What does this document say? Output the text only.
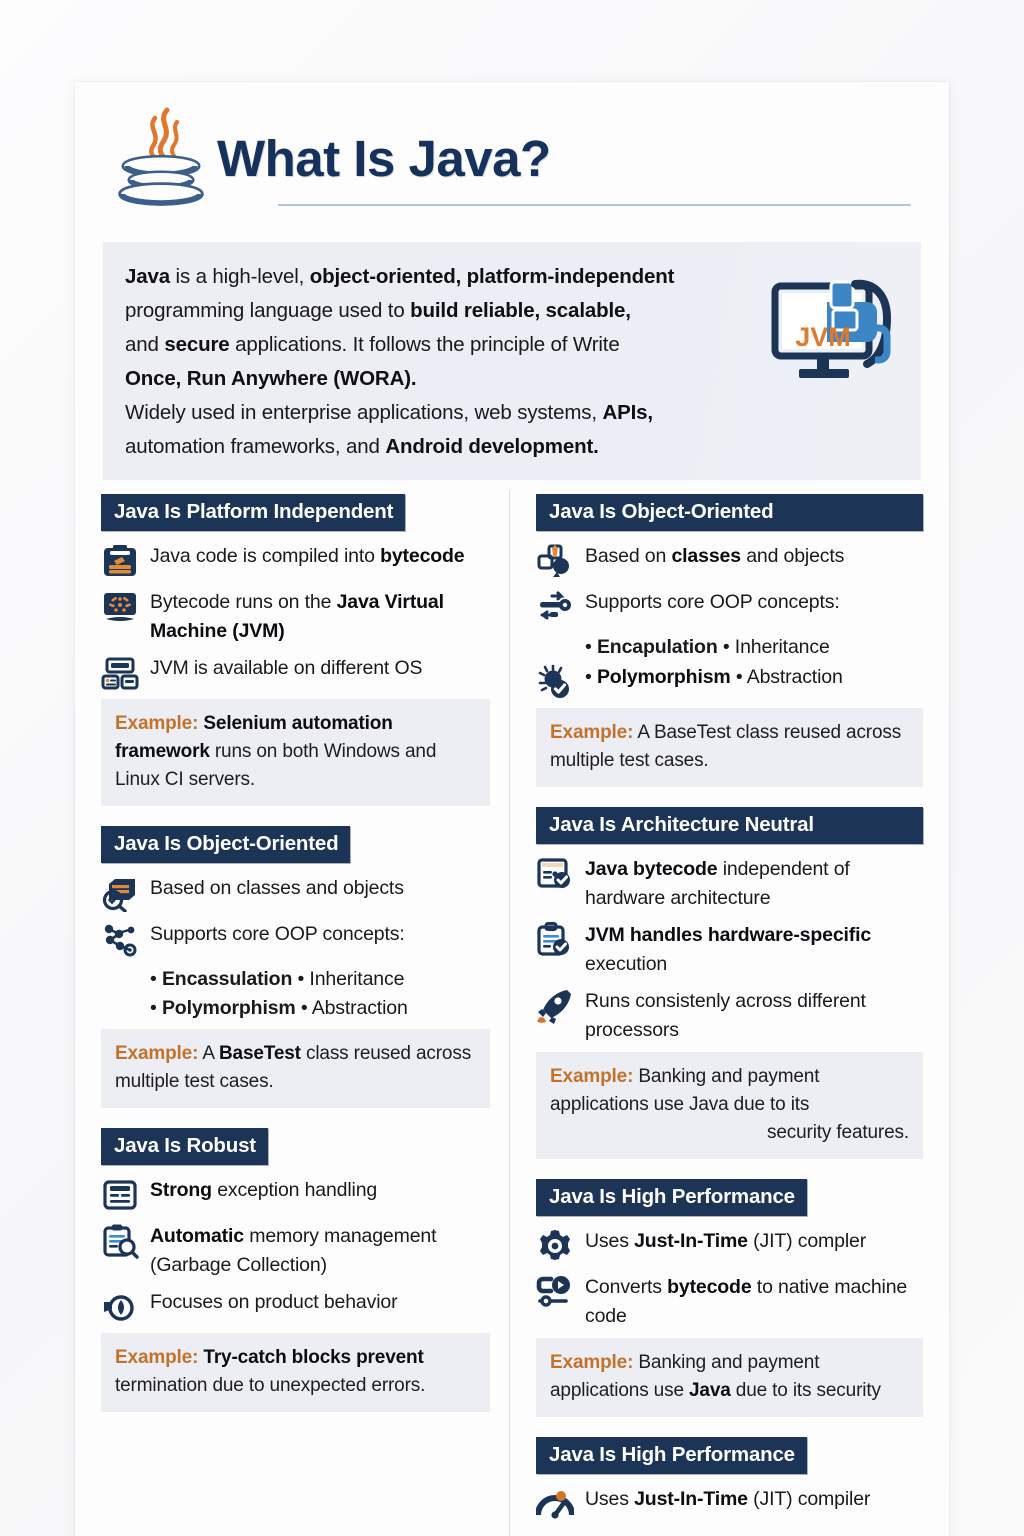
What Is Java?

Java is a high-level, object-oriented, platform-independent
programming language used to build reliable, scalable,
and secure applications. It follows the principle of Write
Once, Run Anywhere (WORA).
Widely used in enterprise applications, web systems, APIs,
automation frameworks, and Android development.

JVM
Java Is Platform Independent
Java code is compiled into bytecode
Bytecode runs on the Java Virtual Machine (JVM)
JVM is available on different OS
Example: Selenium automation framework runs on both Windows and Linux CI servers.
Java Is Object-Oriented
Based on classes and objects
Supports core OOP concepts:
• Encassulation • Inheritance
• Polymorphism • Abstraction
Example: A BaseTest class reused across multiple test cases.
Java Is Robust
Strong exception handling
Automatic memory management (Garbage Collection)
Focuses on product behavior
Example: Try-catch blocks prevent termination due to unexpected errors.
Java Is Object-Oriented
Based on classes and objects
Supports core OOP concepts:
• Encapulation • Inheritance
• Polymorphism • Abstraction
Example: A BaseTest class reused across multiple test cases.
Java Is Architecture Neutral
Java bytecode independent of hardware architecture
JVM handles hardware-specific execution
Runs consistenly across different processors
Example: Banking and payment applications use Java due to its
security features.
Java Is High Performance
Uses Just-In-Time (JIT) compler
Converts bytecode to native machine code
Example: Banking and payment applications use Java due to its security
Java Is High Performance
Uses Just-In-Time (JIT) compiler
